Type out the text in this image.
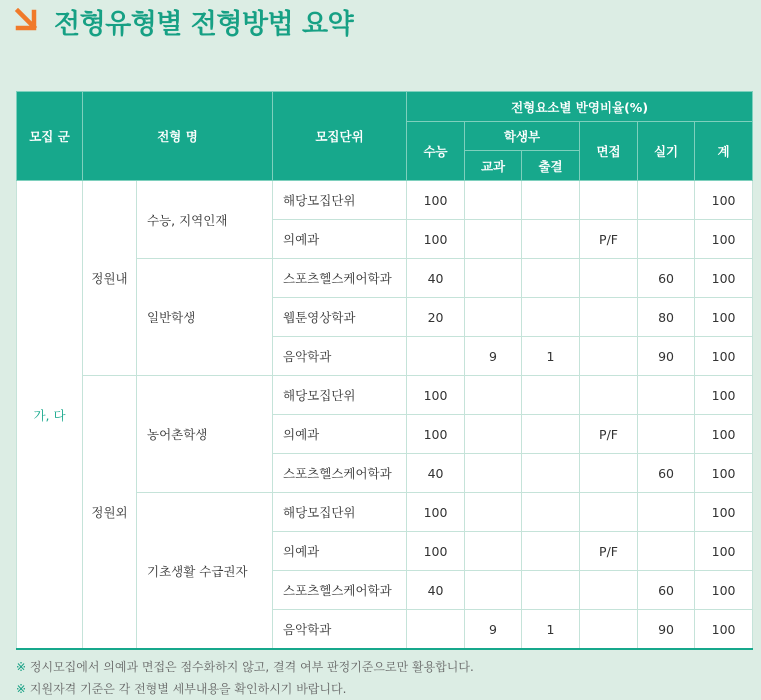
전형유형별 전형방법 요약
모집 군	전형 명		모집단위	전형요소별 반영비율(%)					
				수능	학생부		면접	실기	계
					교과	출결			
가, 다	정원내	수능, 지역인재	해당모집단위	100					100
			의예과	100			P/F		100
		일반학생	스포츠헬스케어학과	40				60	100
			웹툰영상학과	20				80	100
			음악학과		9	1		90	100
	정원외	농어촌학생	해당모집단위	100					100
			의예과	100			P/F		100
			스포츠헬스케어학과	40				60	100
		기초생활 수급권자	해당모집단위	100					100
			의예과	100			P/F		100
			스포츠헬스케어학과	40				60	100
			음악학과		9	1		90	100
※ 정시모집에서 의예과 면접은 점수화하지 않고, 결격 여부 판정기준으로만 활용합니다.
※ 지원자격 기준은 각 전형별 세부내용을 확인하시기 바랍니다.
